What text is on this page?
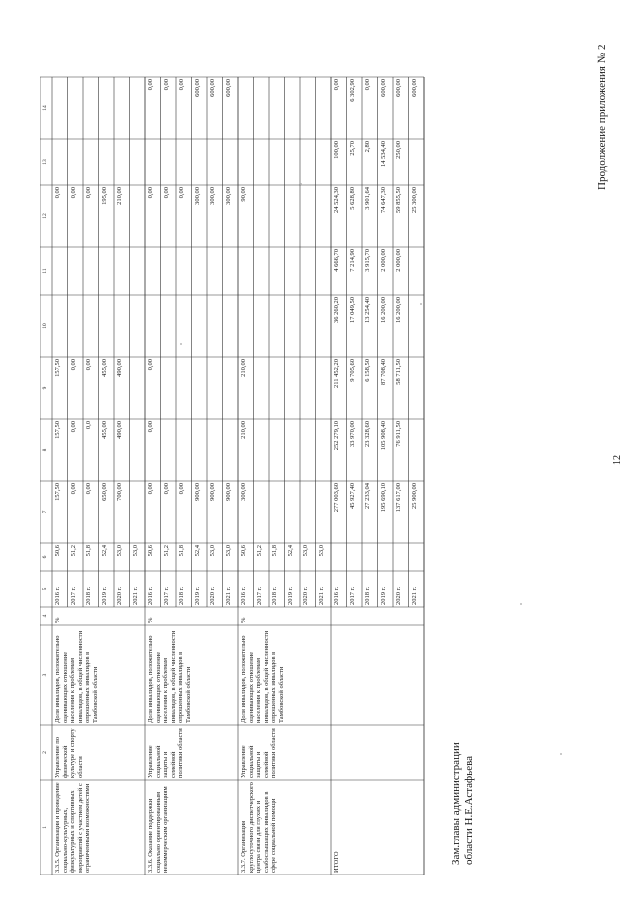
12
Продолжение приложения № 2
1
2
3
4
5
6
7
8
9
10
11
12
13
14
3.3.5. Организация и проведение социально-культурных, физкультурных и спортивных мероприятий с участием детей с ограниченными возможностями
Управление по физической культуре и спорту области
Доля инвалидов, положительно оценивающих отношение населения к проблемам инвалидов, в общей численности опрошенных инвалидов в Тамбовской области
%
2016 г.
50,6
157,50
157,50
157,50
0,00
2017 г.
51,2
0,00
0,00
0,00
0,00
2018 г.
51,8
0,00
0,0
0,00
0,00
2019 г.
52,4
650,00
455,00
455,00
195,00
2020 г.
53,0
700,00
490,00
490,00
210,00
2021 г.
53,0
3.3.6. Оказание поддержки социально ориентированным некоммерческим организациям
Управление социальной защиты и семейной политики области
Доля инвалидов, положительно оценивающих отношение населения к проблемам инвалидов, в общей численности опрошенных инвалидов в Тамбовской области
%
2016 г.
50,6
0,00
0,00
0,00
0,00
0,00
2017 г.
51,2
0,00
0,00
0,00
2018 г.
51,8
0,00
0,00
0,00
2019 г.
52,4
900,00
300,00
600,00
2020 г.
53,0
900,00
300,00
600,00
2021 г.
53,0
900,00
300,00
600,00
3.3.7. Организация круглосуточного диспетчерского центра связи для глухих и слабослышащих инвалидов в сфере социальной помощи
Управление социальной защиты и семейной политики области
Доля инвалидов, положительно оценивающих отношение населения к проблемам инвалидов, в общей численности опрошенных инвалидов в Тамбовской области
%
2016 г.
50,6
300,00
210,00
210,00
90,00
2017 г.
51,2
2018 г.
51,8
2019 г.
52,4
2020 г.
53,0
2021 г.
53,0
ИТОГО
2016 г.
277 003,60
252 279,10
211 452,20
36 260,20
4 666,70
24 524,30
100,00
0,00
2017 г.
45 927,40
33 970,00
9 705,60
17 049,50
7 214,90
5 628,80
25,70
6 302,90
2018 г.
27 233,04
23 328,60
6 158,50
13 254,40
3 915,70
3 901,64
2,80
0,00
2019 г.
195 690,10
105 908,40
87 708,40
16 200,00
2 000,00
74 647,30
14 534,40
600,00
2020 г.
137 617,00
76 911,50
58 711,50
16 200,00
2 000,00
59 855,50
250,00
600,00
2021 г.
25 900,00
25 300,00
600,00
Зам.главы администрации области Н.Е.Астафьева
